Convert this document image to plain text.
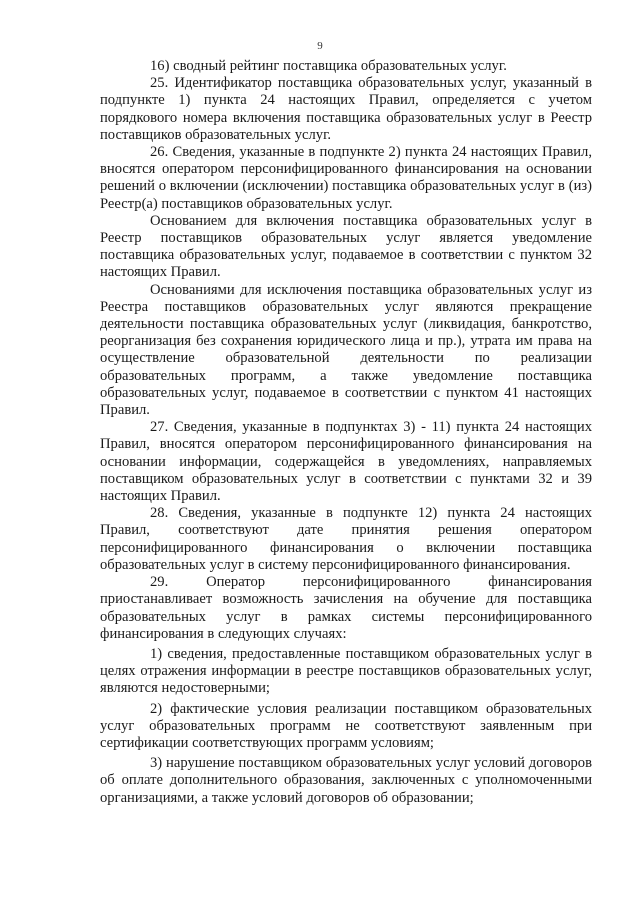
9

16) сводный рейтинг поставщика образовательных услуг.

25. Идентификатор поставщика образовательных услуг, указанный в подпункте 1) пункта 24 настоящих Правил, определяется с учетом порядкового номера включения поставщика образовательных услуг в Реестр поставщиков образовательных услуг.

26. Сведения, указанные в подпункте 2) пункта 24 настоящих Правил, вносятся оператором персонифицированного финансирования на основании решений о включении (исключении) поставщика образовательных услуг в (из) Реестр(а) поставщиков образовательных услуг.

Основанием для включения поставщика образовательных услуг в Реестр поставщиков образовательных услуг является уведомление поставщика образовательных услуг, подаваемое в соответствии с пунктом 32 настоящих Правил.

Основаниями для исключения поставщика образовательных услуг из Реестра поставщиков образовательных услуг являются прекращение деятельности поставщика образовательных услуг (ликвидация, банкротство, реорганизация без сохранения юридического лица и пр.), утрата им права на осуществление образовательной деятельности по реализации образовательных программ, а также уведомление поставщика образовательных услуг, подаваемое в соответствии с пунктом 41 настоящих Правил.

27. Сведения, указанные в подпунктах 3) - 11) пункта 24 настоящих Правил, вносятся оператором персонифицированного финансирования на основании информации, содержащейся в уведомлениях, направляемых поставщиком образовательных услуг в соответствии с пунктами 32 и 39 настоящих Правил.

28. Сведения, указанные в подпункте 12) пункта 24 настоящих Правил, соответствуют дате принятия решения оператором персонифицированного финансирования о включении поставщика образовательных услуг в систему персонифицированного финансирования.

29. Оператор персонифицированного финансирования приостанавливает возможность зачисления на обучение для поставщика образовательных услуг в рамках системы персонифицированного финансирования в следующих случаях:

1) сведения, предоставленные поставщиком образовательных услуг в целях отражения информации в реестре поставщиков образовательных услуг, являются недостоверными;

2) фактические условия реализации поставщиком образовательных услуг образовательных программ не соответствуют заявленным при сертификации соответствующих программ условиям;

3) нарушение поставщиком образовательных услуг условий договоров об оплате дополнительного образования, заключенных с уполномоченными организациями, а также условий договоров об образовании;
